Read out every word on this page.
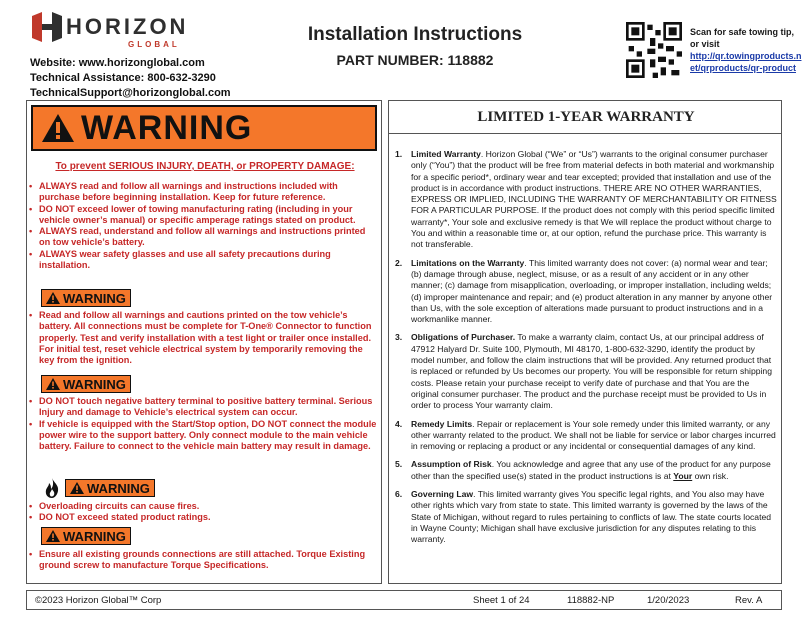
HORIZON
GLOBAL
Website: www.horizonglobal.com
Technical Assistance: 800-632-3290
TechnicalSupport@horizonglobal.com
Installation Instructions
PART NUMBER: 118882
Scan for safe towing tip, or visit
http://qr.towingproducts.net/qrproducts/qr-product
WARNING
To prevent SERIOUS INJURY, DEATH, or PROPERTY DAMAGE:
• ALWAYS read and follow all warnings and instructions included with purchase before beginning installation. Keep for future reference.
• DO NOT exceed lower of towing manufacturing rating (including in your vehicle owner’s manual) or specific amperage ratings stated on product.
• ALWAYS read, understand and follow all warnings and instructions printed on tow vehicle’s battery.
• ALWAYS wear safety glasses and use all safety precautions during installation.
WARNING
• Read and follow all warnings and cautions printed on the tow vehicle’s battery. All connections must be complete for T-One® Connector to function properly. Test and verify installation with a test light or trailer once installed. For initial test, reset vehicle electrical system by temporarily removing the key from the ignition.
WARNING
• DO NOT touch negative battery terminal to positive battery terminal. Serious Injury and damage to Vehicle’s electrical system can occur.
• If vehicle is equipped with the Start/Stop option, DO NOT connect the module power wire to the support battery. Only connect module to the main vehicle battery. Failure to connect to the vehicle main battery may result in damage.
WARNING
• Overloading circuits can cause fires.
• DO NOT exceed stated product ratings.
WARNING
• Ensure all existing grounds connections are still attached. Torque Existing ground screw to manufacture Torque Specifications.
LIMITED 1-YEAR WARRANTY
1. Limited Warranty. Horizon Global (“We” or “Us”) warrants to the original consumer purchaser only (“You”) that the product will be free from material defects in both material and workmanship for a specific period*, ordinary wear and tear excepted; provided that installation and use of the product is in accordance with product instructions. THERE ARE NO OTHER WARRANTIES, EXPRESS OR IMPLIED, INCLUDING THE WARRANTY OF MERCHANTABILITY OR FITNESS FOR A PARTICULAR PURPOSE. If the product does not comply with this period specific limited warranty*, Your sole and exclusive remedy is that We will replace the product without charge to You and within a reasonable time or, at our option, refund the purchase price. This warranty is not transferable.
2. Limitations on the Warranty. This limited warranty does not cover: (a) normal wear and tear; (b) damage through abuse, neglect, misuse, or as a result of any accident or in any other manner; (c) damage from misapplication, overloading, or improper installation, including welds; (d) improper maintenance and repair; and (e) product alteration in any manner by anyone other than Us, with the sole exception of alterations made pursuant to product instructions and in a workmanlike manner.
3. Obligations of Purchaser. To make a warranty claim, contact Us, at our principal address of 47912 Halyard Dr. Suite 100, Plymouth, MI 48170, 1-800-632-3290, identify the product by model number, and follow the claim instructions that will be provided. Any returned product that is replaced or refunded by Us becomes our property. You will be responsible for return shipping costs. Please retain your purchase receipt to verify date of purchase and that You are the original consumer purchaser. The product and the purchase receipt must be provided to Us in order to process Your warranty claim.
4. Remedy Limits. Repair or replacement is Your sole remedy under this limited warranty, or any other warranty related to the product. We shall not be liable for service or labor charges incurred in removing or replacing a product or any incidental or consequential damages of any kind.
5. Assumption of Risk. You acknowledge and agree that any use of the product for any purpose other than the specified use(s) stated in the product instructions is at Your own risk.
6. Governing Law. This limited warranty gives You specific legal rights, and You also may have other rights which vary from state to state. This limited warranty is governed by the laws of the State of Michigan, without regard to rules pertaining to conflicts of law. The state courts located in Wayne County; Michigan shall have exclusive jurisdiction for any disputes relating to this warranty.
©2023 Horizon Global™ Corp	Sheet 1 of 24	118882-NP	1/20/2023	Rev. A
